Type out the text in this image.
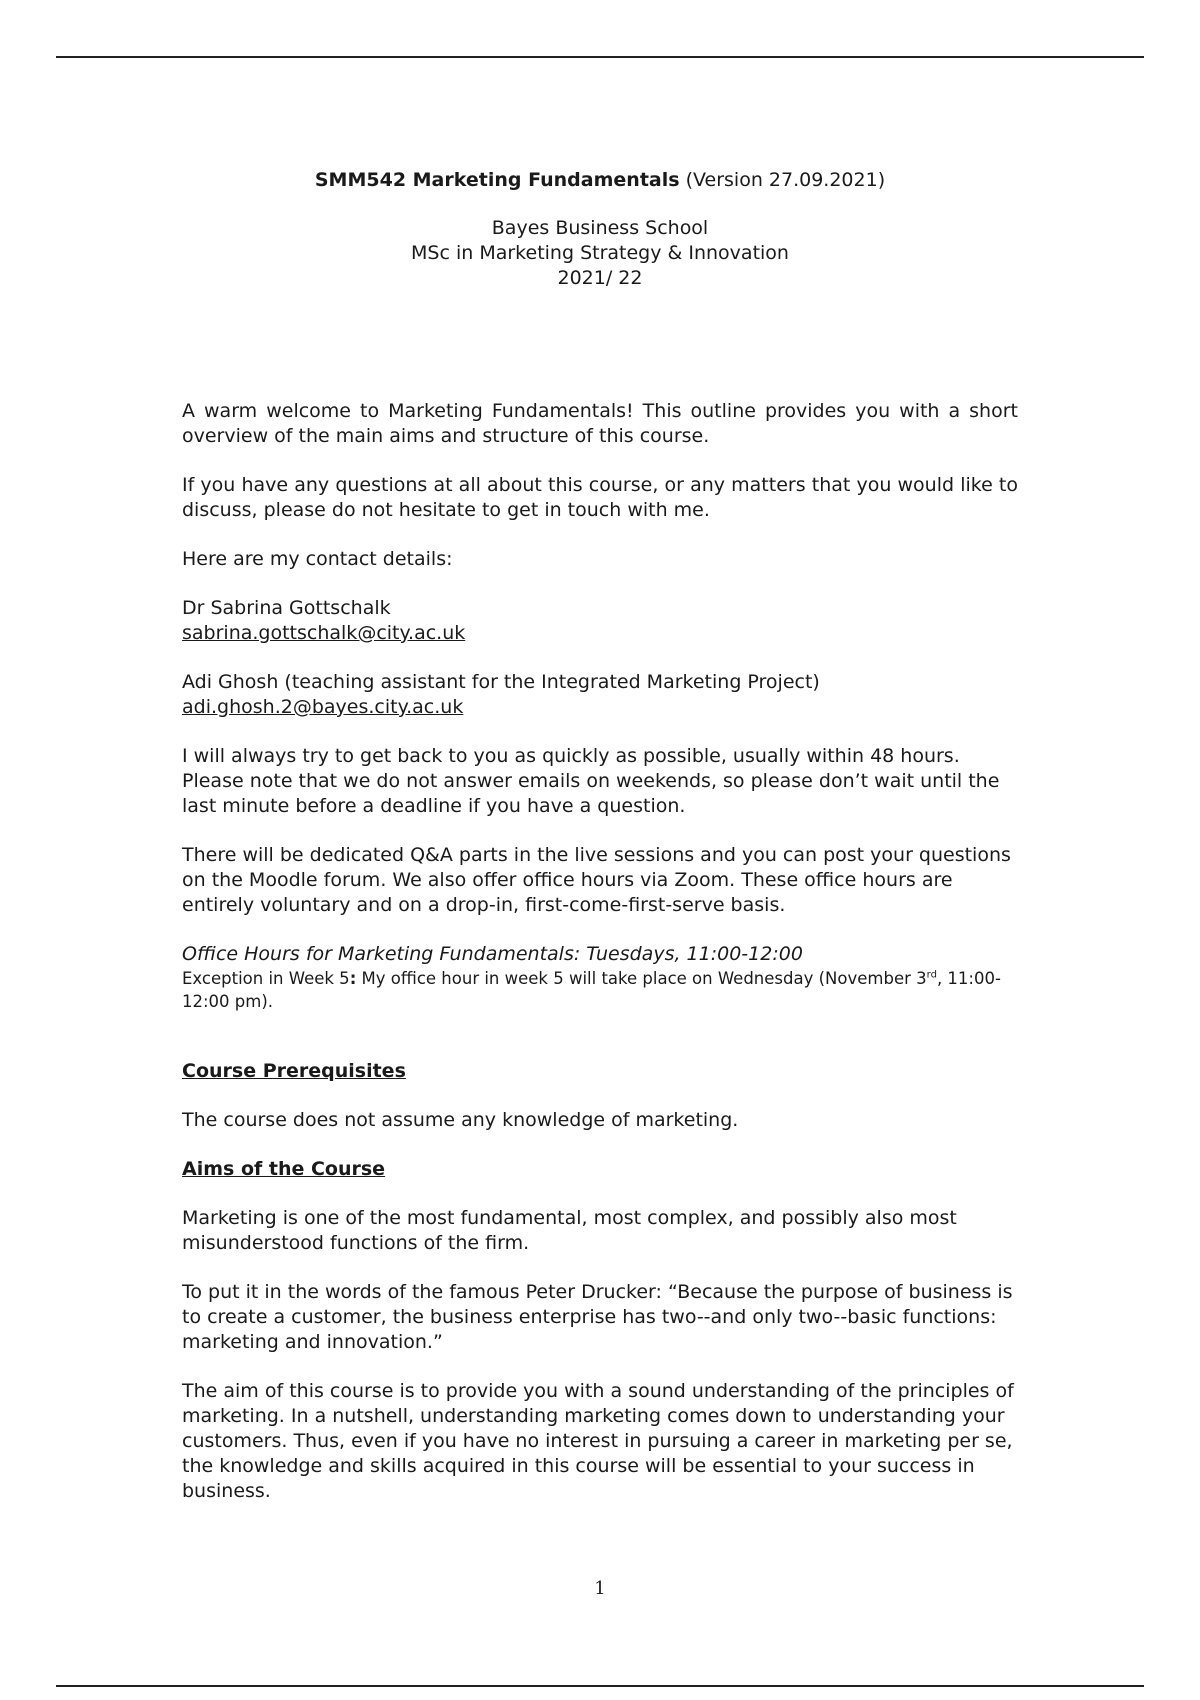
SMM542 Marketing Fundamentals (Version 27.09.2021)
Bayes Business School
MSc in Marketing Strategy & Innovation
2021/ 22

A warm welcome to Marketing Fundamentals! This outline provides you with a short overview of the main aims and structure of this course.

If you have any questions at all about this course, or any matters that you would like to discuss, please do not hesitate to get in touch with me.

Here are my contact details:

Dr Sabrina Gottschalk
sabrina.gottschalk@city.ac.uk

Adi Ghosh (teaching assistant for the Integrated Marketing Project)
adi.ghosh.2@bayes.city.ac.uk

I will always try to get back to you as quickly as possible, usually within 48 hours. Please note that we do not answer emails on weekends, so please don’t wait until the last minute before a deadline if you have a question.

There will be dedicated Q&A parts in the live sessions and you can post your questions on the Moodle forum. We also offer office hours via Zoom. These office hours are entirely voluntary and on a drop-in, first-come-first-serve basis.

Office Hours for Marketing Fundamentals: Tuesdays, 11:00-12:00
Exception in Week 5: My office hour in week 5 will take place on Wednesday (November 3rd, 11:00-12:00 pm).
Course Prerequisites

The course does not assume any knowledge of marketing.

Aims of the Course

Marketing is one of the most fundamental, most complex, and possibly also most misunderstood functions of the firm.

To put it in the words of the famous Peter Drucker: “Because the purpose of business is to create a customer, the business enterprise has two--and only two--basic functions: marketing and innovation.”

The aim of this course is to provide you with a sound understanding of the principles of marketing. In a nutshell, understanding marketing comes down to understanding your customers. Thus, even if you have no interest in pursuing a career in marketing per se, the knowledge and skills acquired in this course will be essential to your success in business.

1
